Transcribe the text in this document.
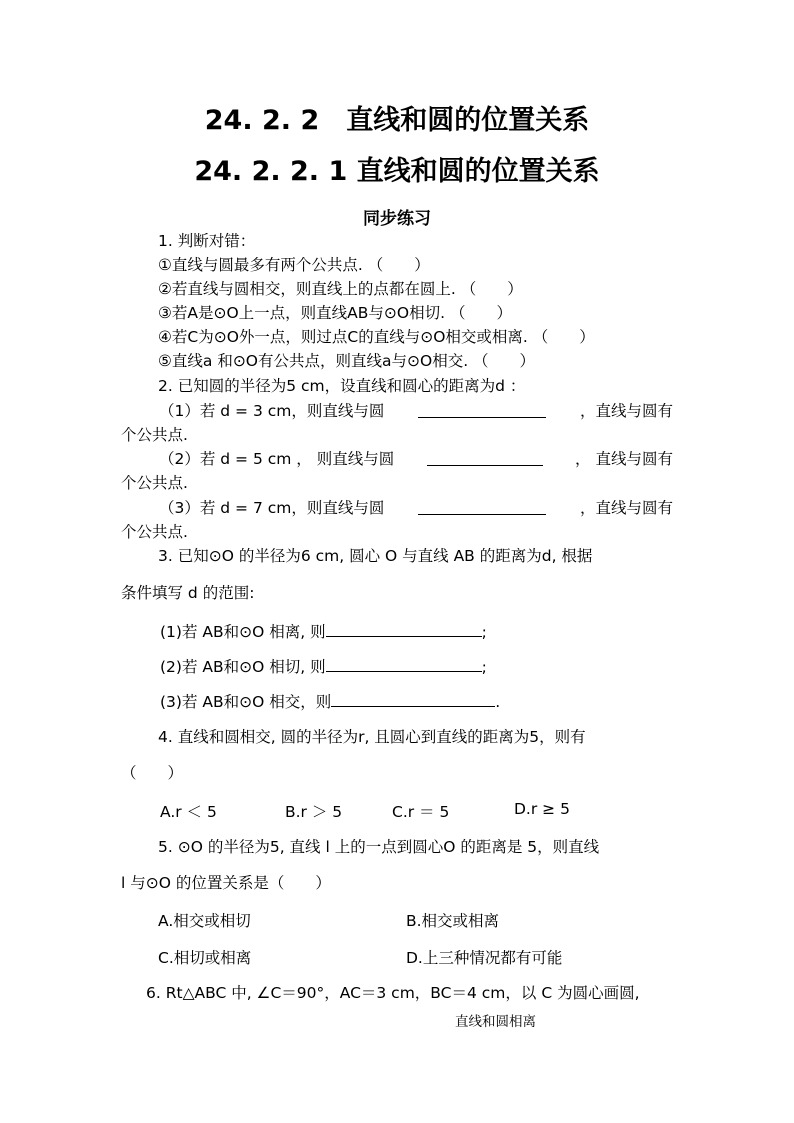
24. 2. 2　直线和圆的位置关系
24. 2. 2. 1 直线和圆的位置关系
同步练习
1. 判断对错：
①直线与圆最多有两个公共点. （　　）
②若直线与圆相交，则直线上的点都在圆上. （　　）
③若A是⊙O上一点，则直线AB与⊙O相切. （　　）
④若C为⊙O外一点，则过点C的直线与⊙O相交或相离. （　　）
⑤直线a 和⊙O有公共点，则直线a与⊙O相交. （　　）
2. 已知圆的半径为5 cm，设直线和圆心的距离为d ：
（1）若 d = 3 cm，则直线与圆	，直线与圆有
个公共点.
（2）若 d = 5 cm ， 则直线与圆	， 直线与圆有
个公共点.
（3）若 d = 7 cm，则直线与圆	，直线与圆有
个公共点.
3. 已知⊙O 的半径为6 cm, 圆心 O 与直线 AB 的距离为d, 根据
条件填写 d 的范围:
(1)若 AB和⊙O 相离, 则	;
(2)若 AB和⊙O 相切, 则	;
(3)若 AB和⊙O 相交，则	.
4. 直线和圆相交, 圆的半径为r, 且圆心到直线的距离为5，则有
（　　）
A.r ＜ 5	B.r ＞ 5	C.r ＝ 5	D.r ≥ 5
5. ⊙O 的半径为5, 直线 l 上的一点到圆心O 的距离是 5，则直线
l 与⊙O 的位置关系是（　　）
A.相交或相切	B.相交或相离
C.相切或相离	D.上三种情况都有可能
6. Rt△ABC 中, ∠C＝90°，AC＝3 cm，BC＝4 cm，以 C 为圆心画圆,
直线和圆相离
